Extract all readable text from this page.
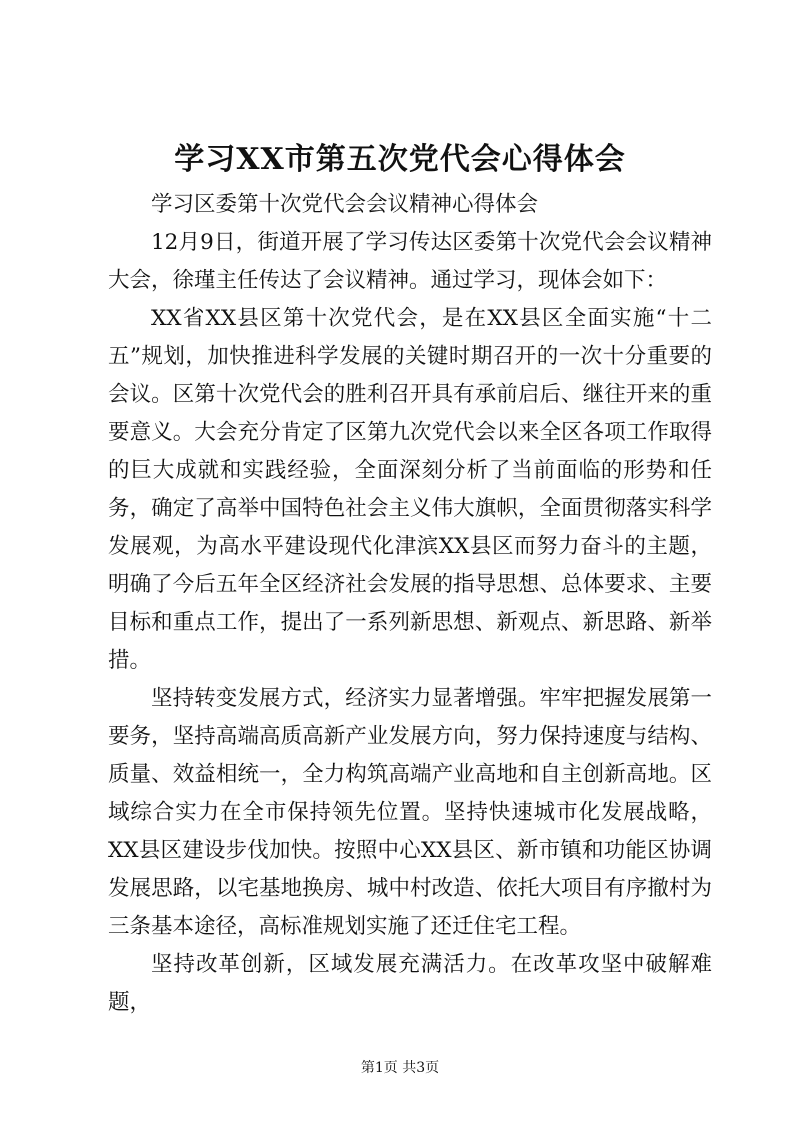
学习XX市第五次党代会心得体会

学习区委第十次党代会会议精神心得体会

12月9日，街道开展了学习传达区委第十次党代会会议精神大会，徐瑾主任传达了会议精神。通过学习，现体会如下：

XX省XX县区第十次党代会，是在XX县区全面实施“十二五”规划，加快推进科学发展的关键时期召开的一次十分重要的会议。区第十次党代会的胜利召开具有承前启后、继往开来的重要意义。大会充分肯定了区第九次党代会以来全区各项工作取得的巨大成就和实践经验，全面深刻分析了当前面临的形势和任务，确定了高举中国特色社会主义伟大旗帜，全面贯彻落实科学发展观，为高水平建设现代化津滨XX县区而努力奋斗的主题，明确了今后五年全区经济社会发展的指导思想、总体要求、主要目标和重点工作，提出了一系列新思想、新观点、新思路、新举措。

坚持转变发展方式，经济实力显著增强。牢牢把握发展第一要务，坚持高端高质高新产业发展方向，努力保持速度与结构、质量、效益相统一，全力构筑高端产业高地和自主创新高地。区域综合实力在全市保持领先位置。坚持快速城市化发展战略，XX县区建设步伐加快。按照中心XX县区、新市镇和功能区协调发展思路，以宅基地换房、城中村改造、依托大项目有序撤村为三条基本途径，高标准规划实施了还迁住宅工程。

坚持改革创新，区域发展充满活力。在改革攻坚中破解难题，

第1页 共3页
